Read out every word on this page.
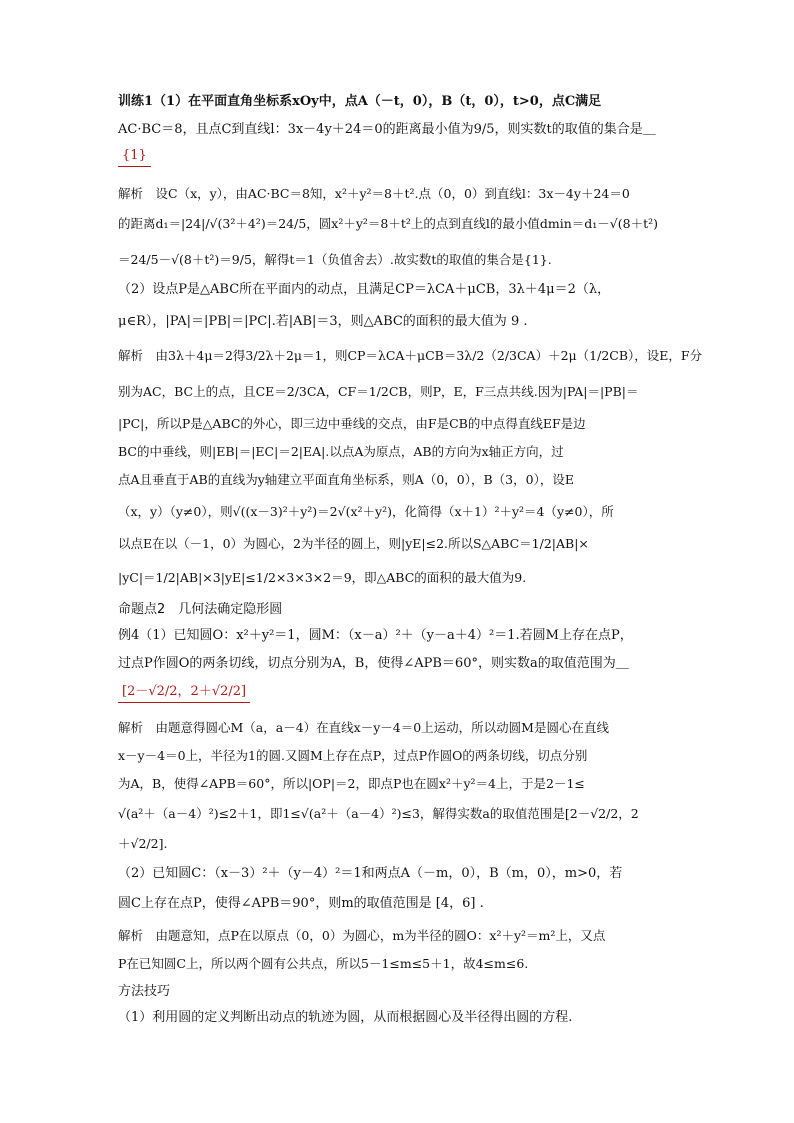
训练1（1）在平面直角坐标系xOy中，点A（－t，0），B（t，0），t>0，点C满足
AC·BC＝8，且点C到直线l：3x－4y＋24＝0的距离最小值为9/5，则实数t的取值的集合是＿
{1}
解析　设C（x，y），由AC·BC＝8知，x²＋y²＝8＋t².点（0，0）到直线l：3x－4y＋24＝0
的距离d₁＝|24|/√(3²＋4²)＝24/5，圆x²＋y²＝8＋t²上的点到直线l的最小值dmin＝d₁－√(8＋t²)
＝24/5－√(8＋t²)＝9/5，解得t＝1（负值舍去）.故实数t的取值的集合是{1}.
（2）设点P是△ABC所在平面内的动点，且满足CP＝λCA＋μCB，3λ＋4μ＝2（λ，
μ∈R），|PA|＝|PB|＝|PC|.若|AB|＝3，则△ABC的面积的最大值为 9 .
解析　由3λ＋4μ＝2得3/2λ＋2μ＝1，则CP＝λCA＋μCB＝3λ/2（2/3CA）＋2μ（1/2CB），设E，F分
别为AC，BC上的点，且CE＝2/3CA，CF＝1/2CB，则P，E，F三点共线.因为|PA|＝|PB|＝
|PC|，所以P是△ABC的外心，即三边中垂线的交点，由F是CB的中点得直线EF是边
BC的中垂线，则|EB|＝|EC|＝2|EA|.以点A为原点，AB的方向为x轴正方向，过
点A且垂直于AB的直线为y轴建立平面直角坐标系，则A（0，0），B（3，0），设E
（x，y）（y≠0），则√((x－3)²＋y²)＝2√(x²＋y²)，化简得（x＋1）²＋y²＝4（y≠0），所
以点E在以（－1，0）为圆心，2为半径的圆上，则|yE|≤2.所以S△ABC＝1/2|AB|×
|yC|＝1/2|AB|×3|yE|≤1/2×3×3×2＝9，即△ABC的面积的最大值为9.
命题点2　几何法确定隐形圆
例4（1）已知圆O：x²＋y²＝1，圆M：（x－a）²＋（y－a＋4）²＝1.若圆M上存在点P，
过点P作圆O的两条切线，切点分别为A，B，使得∠APB＝60°，则实数a的取值范围为＿
[2－√2/2，2＋√2/2]
解析　由题意得圆心M（a，a－4）在直线x－y－4＝0上运动，所以动圆M是圆心在直线
x－y－4＝0上，半径为1的圆.又圆M上存在点P，过点P作圆O的两条切线，切点分别
为A，B，使得∠APB＝60°，所以|OP|＝2，即点P也在圆x²＋y²＝4上，于是2－1≤
√(a²＋（a－4）²)≤2＋1，即1≤√(a²＋（a－4）²)≤3，解得实数a的取值范围是[2－√2/2，2
＋√2/2].
（2）已知圆C：（x－3）²＋（y－4）²＝1和两点A（－m，0），B（m，0），m>0，若
圆C上存在点P，使得∠APB＝90°，则m的取值范围是 [4，6] .
解析　由题意知，点P在以原点（0，0）为圆心，m为半径的圆O：x²＋y²＝m²上，又点
P在已知圆C上，所以两个圆有公共点，所以5－1≤m≤5＋1，故4≤m≤6.
方法技巧
（1）利用圆的定义判断出动点的轨迹为圆，从而根据圆心及半径得出圆的方程.
